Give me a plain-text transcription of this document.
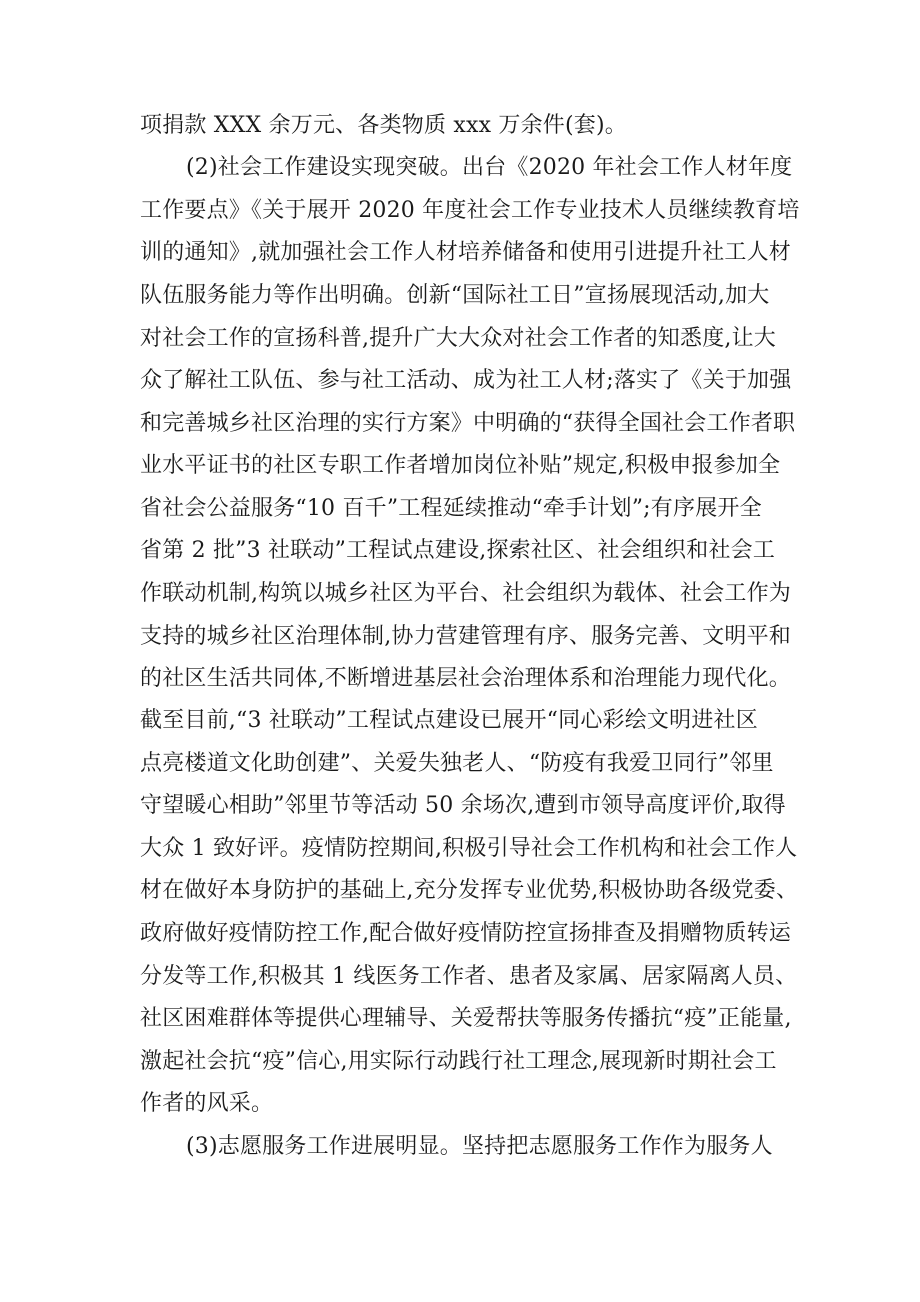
项捐款 XXX 余万元、各类物质 xxx 万余件(套)。
(2)社会工作建设实现突破。出台《2020 年社会工作人材年度
工作要点》《关于展开 2020 年度社会工作专业技术人员继续教育培
训的通知》,就加强社会工作人材培养储备和使用引进提升社工人材
队伍服务能力等作出明确。创新“国际社工日”宣扬展现活动,加大
对社会工作的宣扬科普,提升广大大众对社会工作者的知悉度,让大
众了解社工队伍、参与社工活动、成为社工人材;落实了《关于加强
和完善城乡社区治理的实行方案》中明确的“获得全国社会工作者职
业水平证书的社区专职工作者增加岗位补贴”规定,积极申报参加全
省社会公益服务“10 百千”工程延续推动“牵手计划”;有序展开全
省第 2 批”3 社联动”工程试点建设,探索社区、社会组织和社会工
作联动机制,构筑以城乡社区为平台、社会组织为载体、社会工作为
支持的城乡社区治理体制,协力营建管理有序、服务完善、文明平和
的社区生活共同体,不断增进基层社会治理体系和治理能力现代化。
截至目前,“3 社联动”工程试点建设已展开“同心彩绘文明进社区
点亮楼道文化助创建”、关爱失独老人、“防疫有我爱卫同行”邻里
守望暖心相助”邻里节等活动 50 余场次,遭到市领导高度评价,取得
大众 1 致好评。疫情防控期间,积极引导社会工作机构和社会工作人
材在做好本身防护的基础上,充分发挥专业优势,积极协助各级党委、
政府做好疫情防控工作,配合做好疫情防控宣扬排查及捐赠物质转运
分发等工作,积极其 1 线医务工作者、患者及家属、居家隔离人员、
社区困难群体等提供心理辅导、关爱帮扶等服务传播抗“疫”正能量,
激起社会抗“疫”信心,用实际行动践行社工理念,展现新时期社会工
作者的风采。
(3)志愿服务工作进展明显。坚持把志愿服务工作作为服务人
